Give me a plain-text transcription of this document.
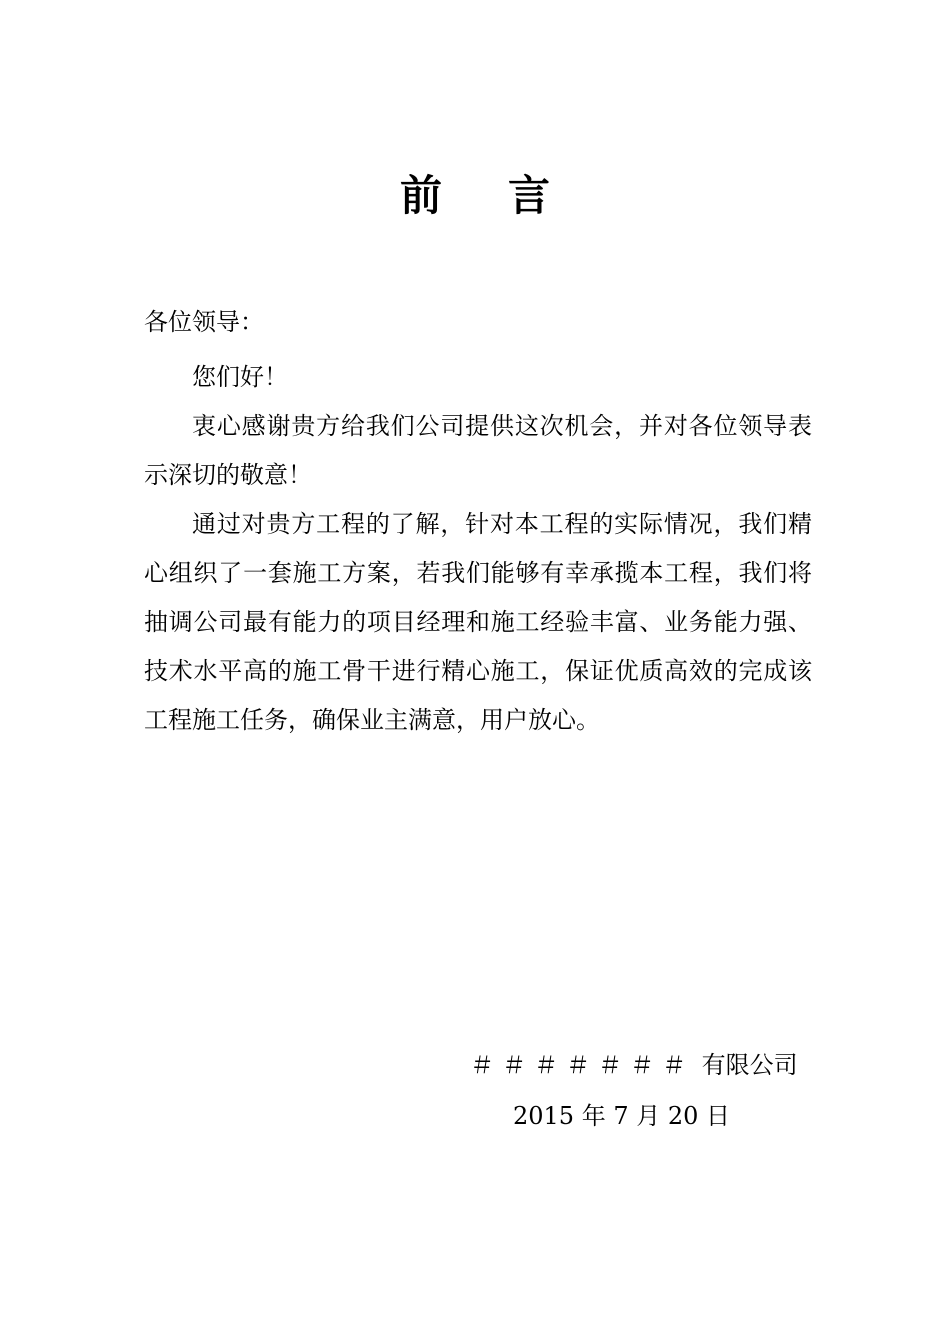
前 言
各位领导：

您们好！

衷心感谢贵方给我们公司提供这次机会，并对各位领导表示深切的敬意！

通过对贵方工程的了解，针对本工程的实际情况，我们精心组织了一套施工方案，若我们能够有幸承揽本工程，我们将抽调公司最有能力的项目经理和施工经验丰富、业务能力强、技术水平高的施工骨干进行精心施工，保证优质高效的完成该工程施工任务，确保业主满意，用户放心。

＃＃＃＃＃＃＃ 有限公司
2015 年 7 月 20 日
